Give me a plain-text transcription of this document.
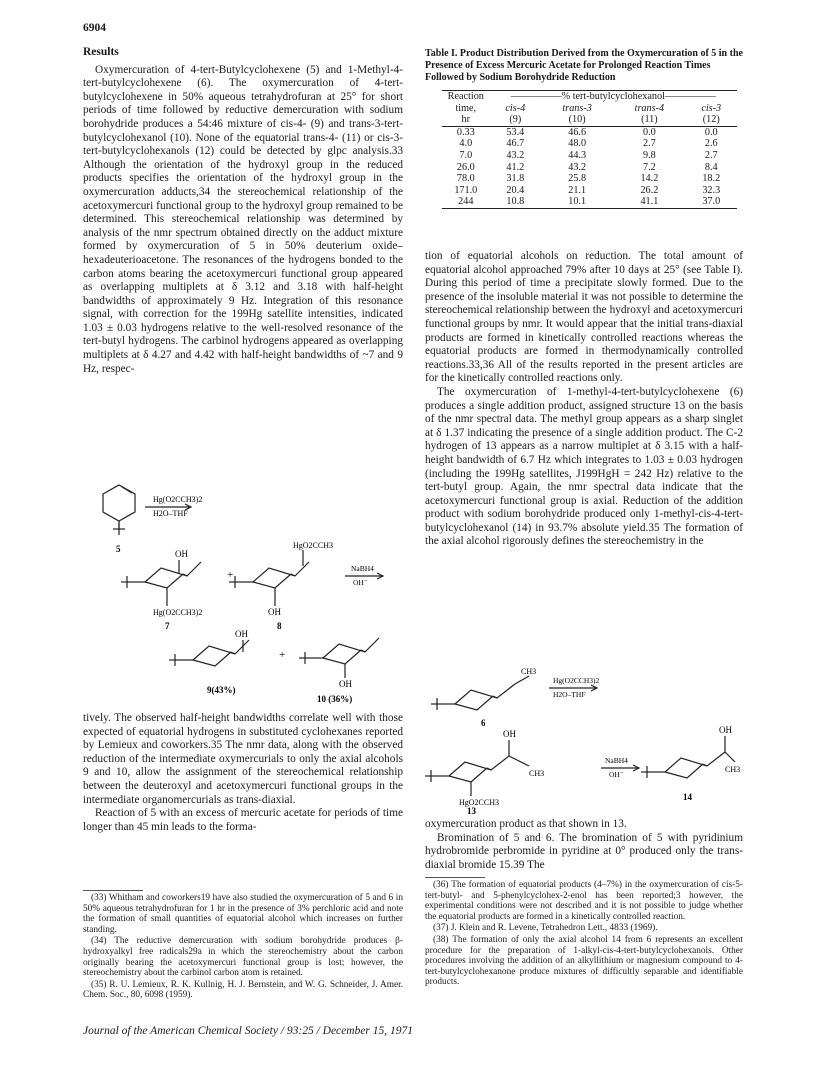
6904
Results

Oxymercuration of 4-tert-Butylcyclohexene (5) and 1-Methyl-4-tert-butylcyclohexene (6). The oxymercuration of 4-tert-butylcyclohexene in 50% aqueous tetrahydrofuran at 25° for short periods of time followed by reductive demercuration with sodium borohydride produces a 54:46 mixture of cis-4- (9) and trans-3-tert-butylcyclohexanol (10). None of the equatorial trans-4- (11) or cis-3-tert-butylcyclohexanols (12) could be detected by glpc analysis.33 Although the orientation of the hydroxyl group in the reduced products specifies the orientation of the hydroxyl group in the oxymercuration adducts,34 the stereochemical relationship of the acetoxymercuri functional group to the hydroxyl group remained to be determined. This stereochemical relationship was determined by analysis of the nmr spectrum obtained directly on the adduct mixture formed by oxymercuration of 5 in 50% deuterium oxide–hexadeuterioacetone. The resonances of the hydrogens bonded to the carbon atoms bearing the acetoxymercuri functional group appeared as overlapping multiplets at δ 3.12 and 3.18 with half-height bandwidths of approximately 9 Hz. Integration of this resonance signal, with correction for the 199Hg satellite intensities, indicated 1.03 ± 0.03 hydrogens relative to the well-resolved resonance of the tert-butyl hydrogens. The carbinol hydrogens appeared as overlapping multiplets at δ 4.27 and 4.42 with half-height bandwidths of ~7 and 9 Hz, respec-

Hg(O2CCH3)2
H2O–THF
5	OH
Hg(O2CCH3)2
7
+
HgO2CCH3
OH
8
NaBH4
OH⁻
OH
9(43%)
+
OH
10 (36%)

tively. The observed half-height bandwidths correlate well with those expected of equatorial hydrogens in substituted cyclohexanes reported by Lemieux and coworkers.35 The nmr data, along with the observed reduction of the intermediate oxymercurials to only the axial alcohols 9 and 10, allow the assignment of the stereochemical relationship between the deuteroxyl and acetoxymercuri functional groups in the intermediate organomercurials as trans-diaxial.

Reaction of 5 with an excess of mercuric acetate for periods of time longer than 45 min leads to the forma-

(33) Whitham and coworkers19 have also studied the oxymercuration of 5 and 6 in 50% aqueous tetrahydrofuran for 1 hr in the presence of 3% perchloric acid and note the formation of small quantities of equatorial alcohol which increases on further standing.

(34) The reductive demercuration with sodium borohydride produces β-hydroxyalkyl free radicals29a in which the stereochemistry about the carbon originally bearing the acetoxymercuri functional group is lost; however, the stereochemistry about the carbinol carbon atom is retained.

(35) R. U. Lemieux, R. K. Kullnig, H. J. Bernstein, and W. G. Schneider, J. Amer. Chem. Soc., 80, 6098 (1959).

Table I. Product Distribution Derived from the Oxymercuration of 5 in the Presence of Excess Mercuric Acetate for Prolonged Reaction Times Followed by Sodium Borohydride Reduction
Reaction	—————% tert-butylcyclohexanol—————			
time,	cis-4	trans-3	trans-4	cis-3
hr	(9)	(10)	(11)	(12)
0.33	53.4	46.6	0.0	0.0
4.0	46.7	48.0	2.7	2.6
7.0	43.2	44.3	9.8	2.7
26.0	41.2	43.2	7.2	8.4
78.0	31.8	25.8	14.2	18.2
171.0	20.4	21.1	26.2	32.3
244	10.8	10.1	41.1	37.0

tion of equatorial alcohols on reduction. The total amount of equatorial alcohol approached 79% after 10 days at 25° (see Table I). During this period of time a precipitate slowly formed. Due to the presence of the insoluble material it was not possible to determine the stereochemical relationship between the hydroxyl and acetoxymercuri functional groups by nmr. It would appear that the initial trans-diaxial products are formed in kinetically controlled reactions whereas the equatorial products are formed in thermodynamically controlled reactions.33,36 All of the results reported in the present articles are for the kinetically controlled reactions only.

The oxymercuration of 1-methyl-4-tert-butylcyclohexene (6) produces a single addition product, assigned structure 13 on the basis of the nmr spectral data. The methyl group appears as a sharp singlet at δ 1.37 indicating the presence of a single addition product. The C-2 hydrogen of 13 appears as a narrow multiplet at δ 3.15 with a half-height bandwidth of 6.7 Hz which integrates to 1.03 ± 0.03 hydrogen (including the 199Hg satellites, J199HgH = 242 Hz) relative to the tert-butyl group. Again, the nmr spectral data indicate that the acetoxymercuri functional group is axial. Reduction of the addition product with sodium borohydride produced only 1-methyl-cis-4-tert-butylcyclohexanol (14) in 93.7% absolute yield.35 The formation of the axial alcohol rigorously defines the stereochemistry in the

CH3
Hg(O2CCH3)2
H2O–THF
6
OH
CH3
HgO2CCH3
13
NaBH4
OH⁻
OH
CH3
14

oxymercuration product as that shown in 13.

Bromination of 5 and 6. The bromination of 5 with pyridinium hydrobromide perbromide in pyridine at 0° produced only the trans-diaxial bromide 15.39 The

(36) The formation of equatorial products (4–7%) in the oxymercuration of cis-5-tert-butyl- and 5-phenylcyclohex-2-enol has been reported;3 however, the experimental conditions were not described and it is not possible to judge whether the equatorial products are formed in a kinetically controlled reaction.

(37) J. Klein and R. Levene, Tetrahedron Lett., 4833 (1969).

(38) The formation of only the axial alcohol 14 from 6 represents an excellent procedure for the preparation of 1-alkyl-cis-4-tert-butylcyclohexanols. Other procedures involving the addition of an alkyllithium or magnesium compound to 4-tert-butylcyclohexanone produce mixtures of difficultly separable and identifiable products.

Journal of the American Chemical Society / 93:25 / December 15, 1971
